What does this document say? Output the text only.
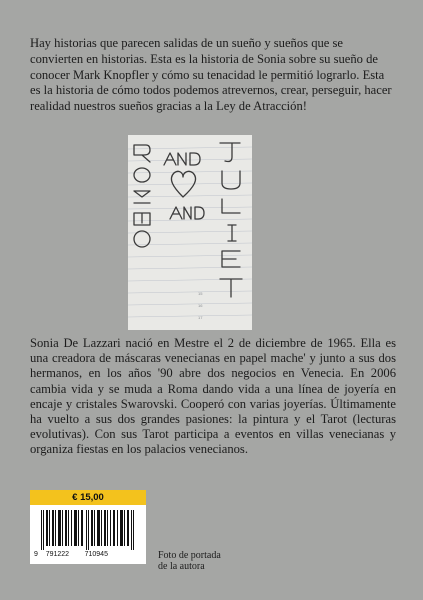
Hay historias que parecen salidas de un sueño y sueños que se convierten en historias. Esta es la historia de Sonia sobre su sueño de conocer Mark Knopfler y cómo su tenacidad le permitió lograrlo. Esta es la historia de cómo todos podemos atrevernos, crear, perseguir, hacer realidad nuestros sueños gracias a la Ley de Atracción!

15
16
17

Sonia De Lazzari nació en Mestre el 2 de diciembre de 1965. Ella es una creadora de máscaras venecianas en papel mache' y junto a sus dos hermanos, en los años '90 abre dos negocios en Venecia. En 2006 cambia vida y se muda a Roma dando vida a una línea de joyería en encaje y cristales Swarovski. Cooperó con varias joyerías. Últimamente ha vuelto a sus dos grandes pasiones: la pintura y el Tarot (lecturas evolutivas). Con sus Tarot participa a eventos en villas venecianas y organiza fiestas en los palacios venecianos.

€ 15,00
9 791222 710945	Foto de portada
de la autora
